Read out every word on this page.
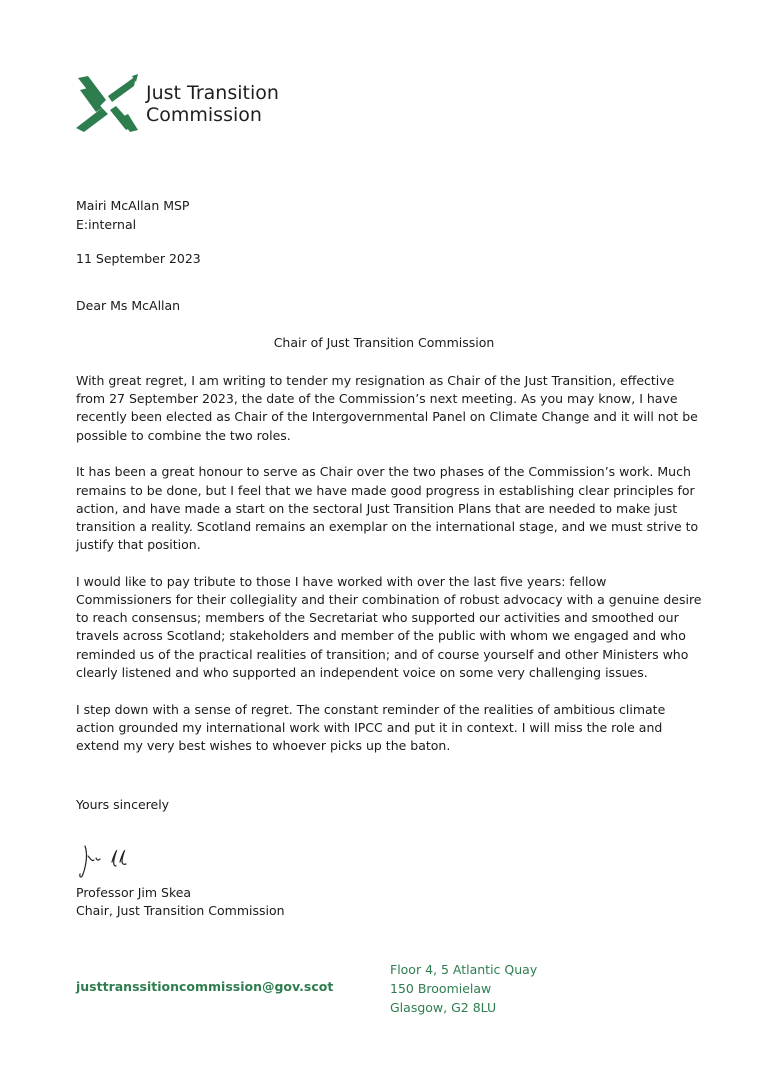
Just Transition
Commission
Mairi McAllan MSP
E:internal
11 September 2023
Dear Ms McAllan
Chair of Just Transition Commission

With great regret, I am writing to tender my resignation as Chair of the Just Transition, effective from 27 September 2023, the date of the Commission’s next meeting. As you may know, I have recently been elected as Chair of the Intergovernmental Panel on Climate Change and it will not be possible to combine the two roles.

It has been a great honour to serve as Chair over the two phases of the Commission’s work. Much remains to be done, but I feel that we have made good progress in establishing clear principles for action, and have made a start on the sectoral Just Transition Plans that are needed to make just transition a reality. Scotland remains an exemplar on the international stage, and we must strive to justify that position.

I would like to pay tribute to those I have worked with over the last five years: fellow Commissioners for their collegiality and their combination of robust advocacy with a genuine desire to reach consensus; members of the Secretariat who supported our activities and smoothed our travels across Scotland; stakeholders and member of the public with whom we engaged and who reminded us of the practical realities of transition; and of course yourself and other Ministers who clearly listened and who supported an independent voice on some very challenging issues.

I step down with a sense of regret. The constant reminder of the realities of ambitious climate action grounded my international work with IPCC and put it in context. I will miss the role and extend my very best wishes to whoever picks up the baton.

Yours sincerely
Professor Jim Skea
Chair, Just Transition Commission
justtranssitioncommission@gov.scot
Floor 4, 5 Atlantic Quay
150 Broomielaw
Glasgow, G2 8LU
